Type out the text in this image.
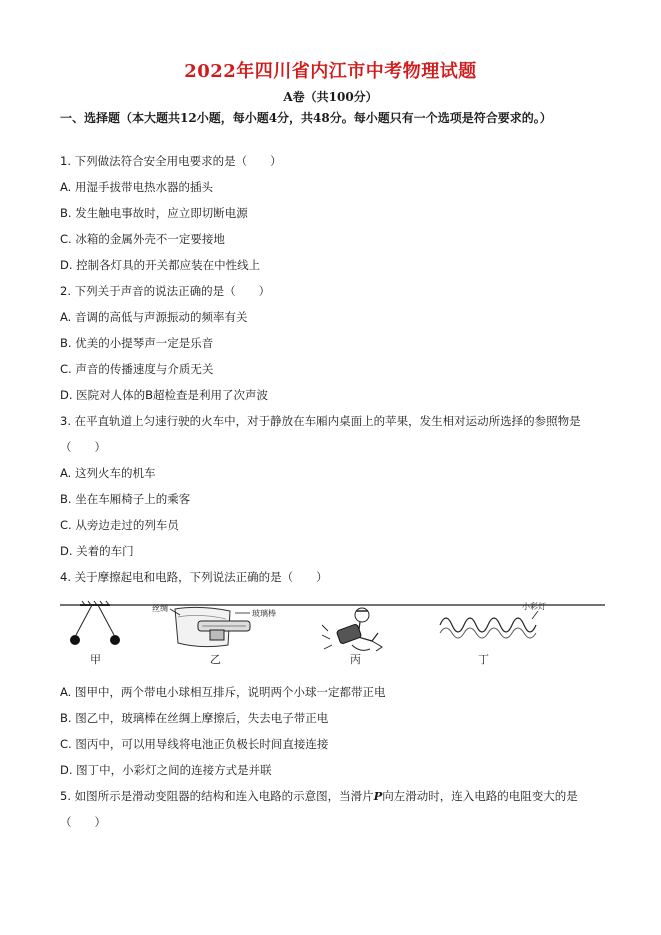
2022年四川省内江市中考物理试题
A卷（共100分）
一、选择题（本大题共12小题，每小题4分，共48分。每小题只有一个选项是符合要求的。）
1. 下列做法符合安全用电要求的是（　　）
A. 用湿手拔带电热水器的插头
B. 发生触电事故时，应立即切断电源
C. 冰箱的金属外壳不一定要接地
D. 控制各灯具的开关都应装在中性线上
2. 下列关于声音的说法正确的是（　　）
A. 音调的高低与声源振动的频率有关
B. 优美的小提琴声一定是乐音
C. 声音的传播速度与介质无关
D. 医院对人体的B超检查是利用了次声波
3. 在平直轨道上匀速行驶的火车中，对于静放在车厢内桌面上的苹果，发生相对运动所选择的参照物是
（　　）
A. 这列火车的机车
B. 坐在车厢椅子上的乘客
C. 从旁边走过的列车员
D. 关着的车门
4. 关于摩擦起电和电路，下列说法正确的是（　　）
甲
丝绸
玻璃棒
乙	丙
小彩灯
丁
A. 图甲中，两个带电小球相互排斥，说明两个小球一定都带正电
B. 图乙中，玻璃棒在丝绸上摩擦后，失去电子带正电
C. 图丙中，可以用导线将电池正负极长时间直接连接
D. 图丁中，小彩灯之间的连接方式是并联
5. 如图所示是滑动变阻器的结构和连入电路的示意图，当滑片P向左滑动时，连入电路的电阻变大的是
（　　）
